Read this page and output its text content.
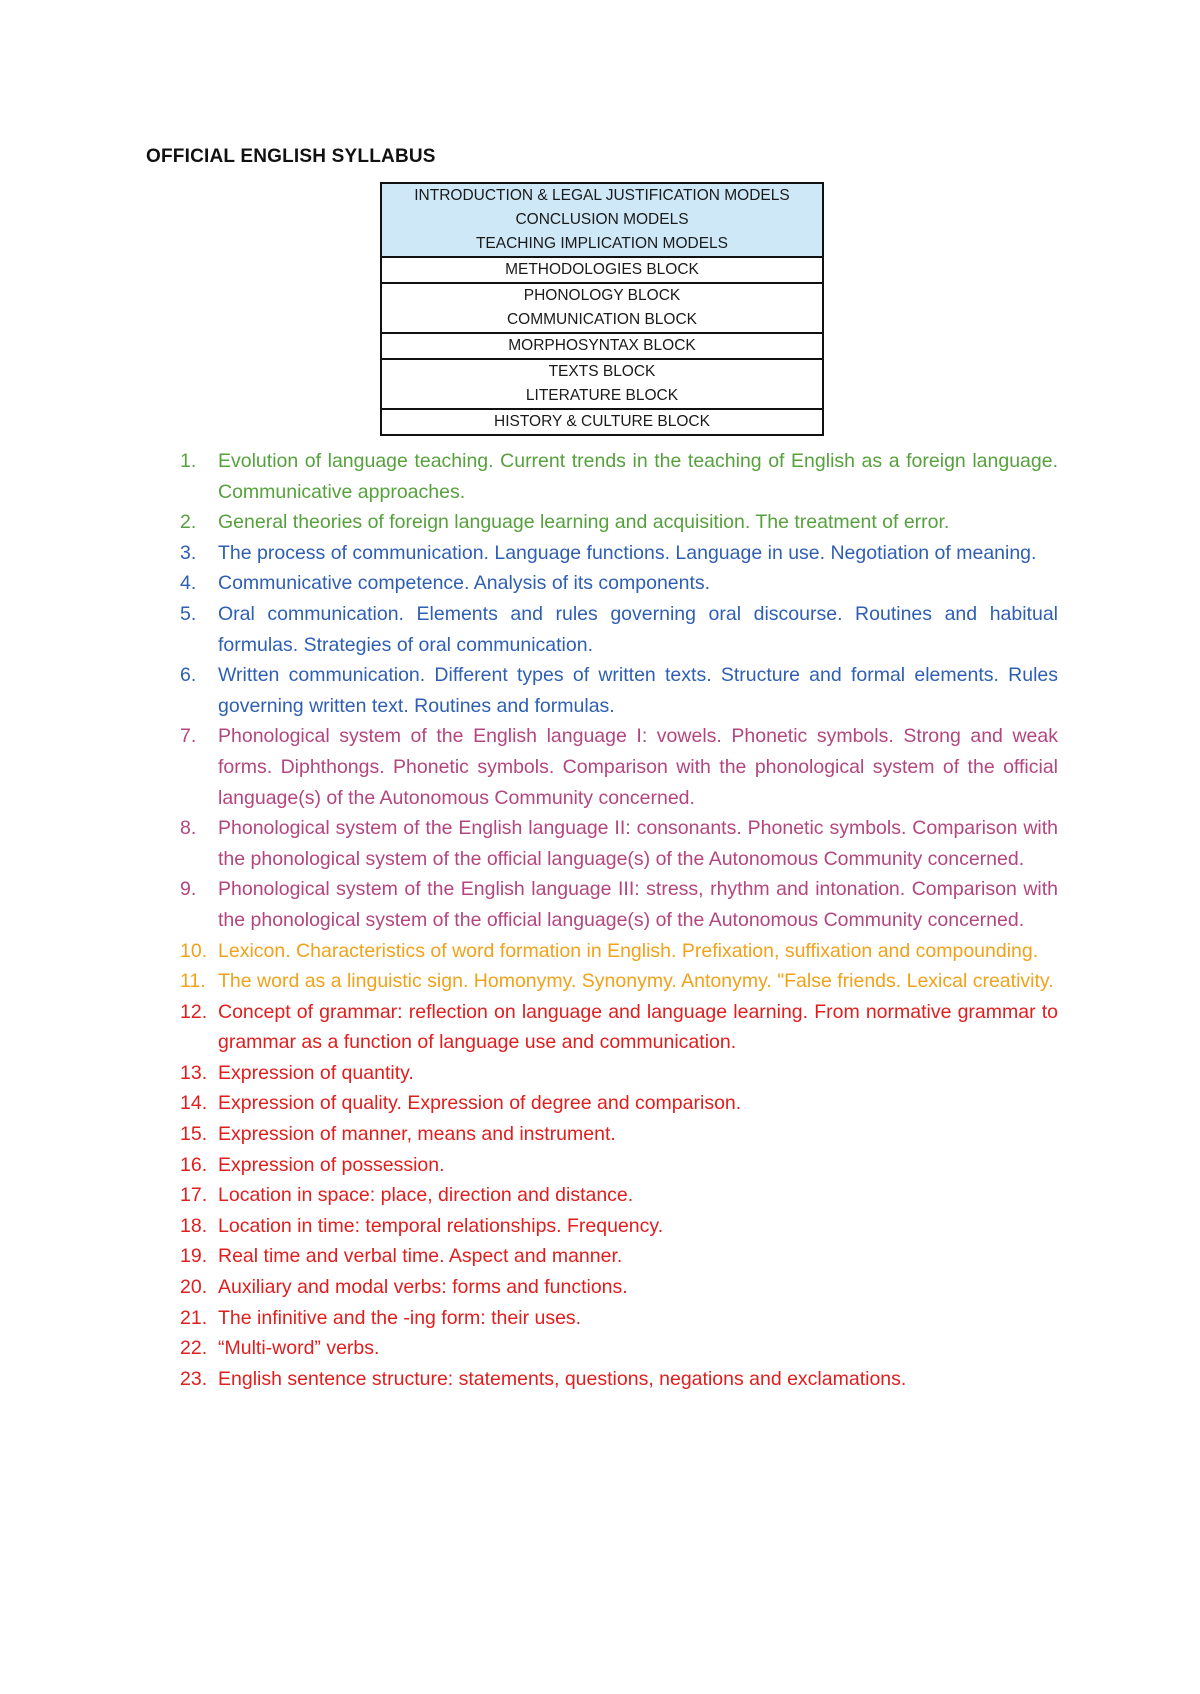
OFFICIAL ENGLISH SYLLABUS
INTRODUCTION & LEGAL JUSTIFICATION MODELS
CONCLUSION MODELS
TEACHING IMPLICATION MODELS

METHODOLOGIES BLOCK

PHONOLOGY BLOCK
COMMUNICATION BLOCK

MORPHOSYNTAX BLOCK

TEXTS BLOCK
LITERATURE BLOCK

HISTORY & CULTURE BLOCK
1.	Evolution of language teaching. Current trends in the teaching of English as a foreign language. Communicative approaches.
2.	General theories of foreign language learning and acquisition. The treatment of error.
3.	The process of communication. Language functions. Language in use. Negotiation of meaning.
4.	Communicative competence. Analysis of its components.
5.	Oral communication. Elements and rules governing oral discourse. Routines and habitual formulas. Strategies of oral communication.
6.	Written communication. Different types of written texts. Structure and formal elements. Rules governing written text. Routines and formulas.
7.	Phonological system of the English language I: vowels. Phonetic symbols. Strong and weak forms. Diphthongs. Phonetic symbols. Comparison with the phonological system of the official language(s) of the Autonomous Community concerned.
8.	Phonological system of the English language II: consonants. Phonetic symbols. Comparison with the phonological system of the official language(s) of the Autonomous Community concerned.
9.	Phonological system of the English language III: stress, rhythm and intonation. Comparison with the phonological system of the official language(s) of the Autonomous Community concerned.
10. Lexicon. Characteristics of word formation in English. Prefixation, suffixation and compounding.
11. The word as a linguistic sign. Homonymy. Synonymy. Antonymy. "False friends. Lexical creativity.
12. Concept of grammar: reflection on language and language learning. From normative grammar to grammar as a function of language use and communication.
13. Expression of quantity.
14. Expression of quality. Expression of degree and comparison.
15. Expression of manner, means and instrument.
16. Expression of possession.
17. Location in space: place, direction and distance.
18. Location in time: temporal relationships. Frequency.
19. Real time and verbal time. Aspect and manner.
20. Auxiliary and modal verbs: forms and functions.
21. The infinitive and the -ing form: their uses.
22. “Multi-word” verbs.
23. English sentence structure: statements, questions, negations and exclamations.
